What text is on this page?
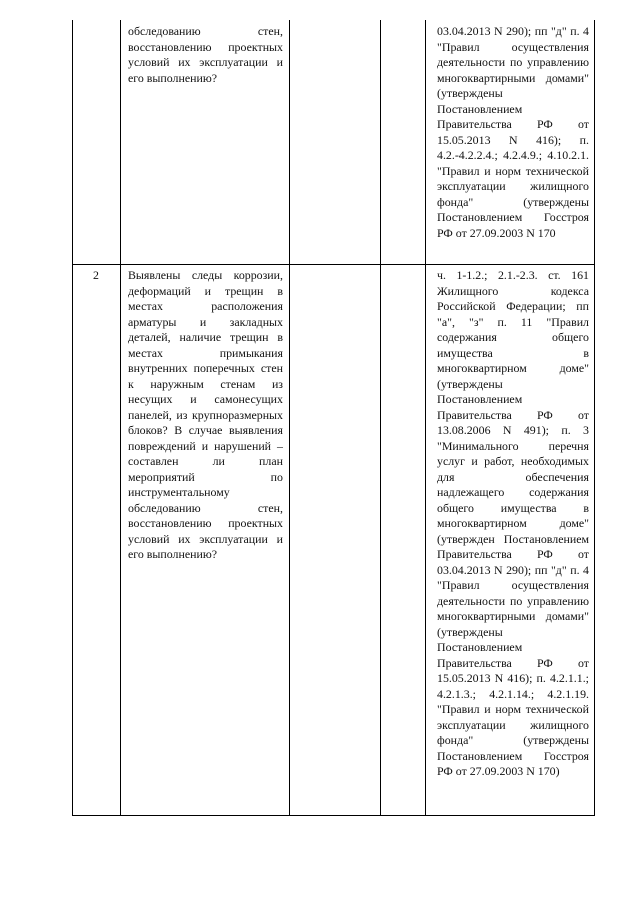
обследованию стен, восстановлению проектных условий их эксплуатации и его выполнению?

03.04.2013 N 290); пп "д" п. 4 "Правил осуществления деятельности по управлению многоквартирными домами" (утверждены Постановлением Правительства РФ от 15.05.2013 N 416); п. 4.2.-4.2.2.4.; 4.2.4.9.; 4.10.2.1. "Правил и норм технической эксплуатации жилищного фонда" (утверждены Постановлением Госстроя РФ от 27.09.2003 N 170

2	Выявлены следы коррозии, деформаций и трещин в местах расположения арматуры и закладных деталей, наличие трещин в местах примыкания внутренних поперечных стен к наружным стенам из несущих и самонесущих панелей, из крупноразмерных блоков? В случае выявления повреждений и нарушений – составлен ли план мероприятий по инструментальному обследованию стен, восстановлению проектных условий их эксплуатации и его выполнению?

ч. 1-1.2.; 2.1.-2.3. ст. 161 Жилищного кодекса Российской Федерации; пп "а", "з" п. 11 "Правил содержания общего имущества в многоквартирном доме" (утверждены Постановлением Правительства РФ от 13.08.2006 N 491); п. 3 "Минимального перечня услуг и работ, необходимых для обеспечения надлежащего содержания общего имущества в многоквартирном доме" (утвержден Постановлением Правительства РФ от 03.04.2013 N 290); пп "д" п. 4 "Правил осуществления деятельности по управлению многоквартирными домами" (утверждены Постановлением Правительства РФ от 15.05.2013 N 416); п. 4.2.1.1.; 4.2.1.3.; 4.2.1.14.; 4.2.1.19. "Правил и норм технической эксплуатации жилищного фонда" (утверждены Постановлением Госстроя РФ от 27.09.2003 N 170)
